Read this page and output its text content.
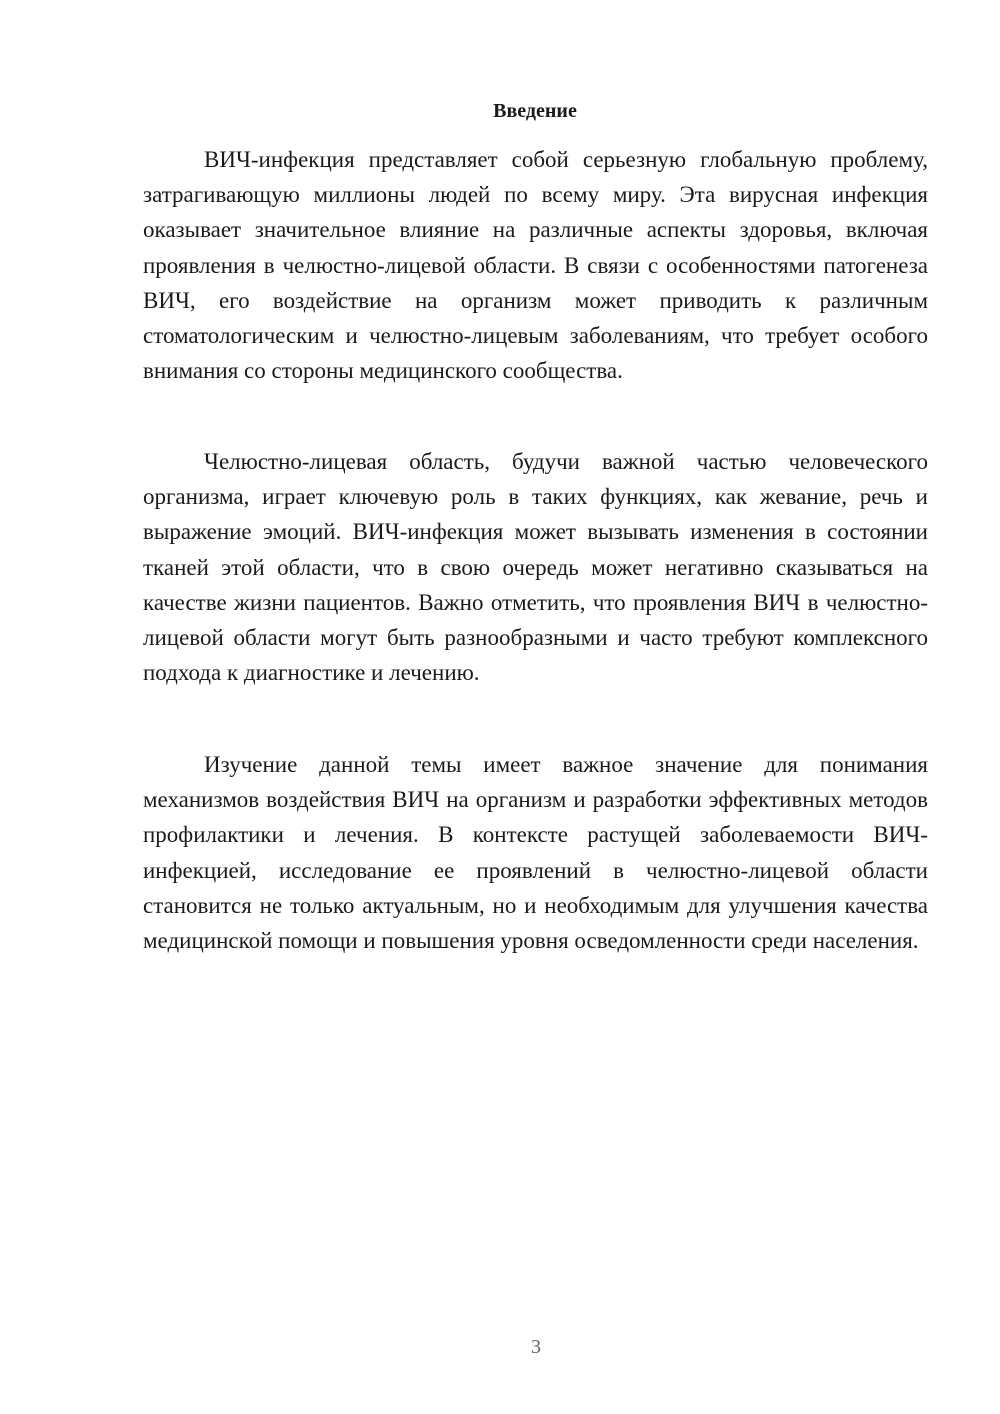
Введение

ВИЧ-инфекция представляет собой серьезную глобальную проблему, затрагивающую миллионы людей по всему миру. Эта вирусная инфекция оказывает значительное влияние на различные аспекты здоровья, включая проявления в челюстно-лицевой области. В связи с особенностями патогенеза ВИЧ, его воздействие на организм может приводить к различным стоматологическим и челюстно-лицевым заболеваниям, что требует особого внимания со стороны медицинского сообщества.

Челюстно-лицевая область, будучи важной частью человеческого организма, играет ключевую роль в таких функциях, как жевание, речь и выражение эмоций. ВИЧ-инфекция может вызывать изменения в состоянии тканей этой области, что в свою очередь может негативно сказываться на качестве жизни пациентов. Важно отметить, что проявления ВИЧ в челюстно-лицевой области могут быть разнообразными и часто требуют комплексного подхода к диагностике и лечению.

Изучение данной темы имеет важное значение для понимания механизмов воздействия ВИЧ на организм и разработки эффективных методов профилактики и лечения. В контексте растущей заболеваемости ВИЧ-инфекцией, исследование ее проявлений в челюстно-лицевой области становится не только актуальным, но и необходимым для улучшения качества медицинской помощи и повышения уровня осведомленности среди населения.

3
